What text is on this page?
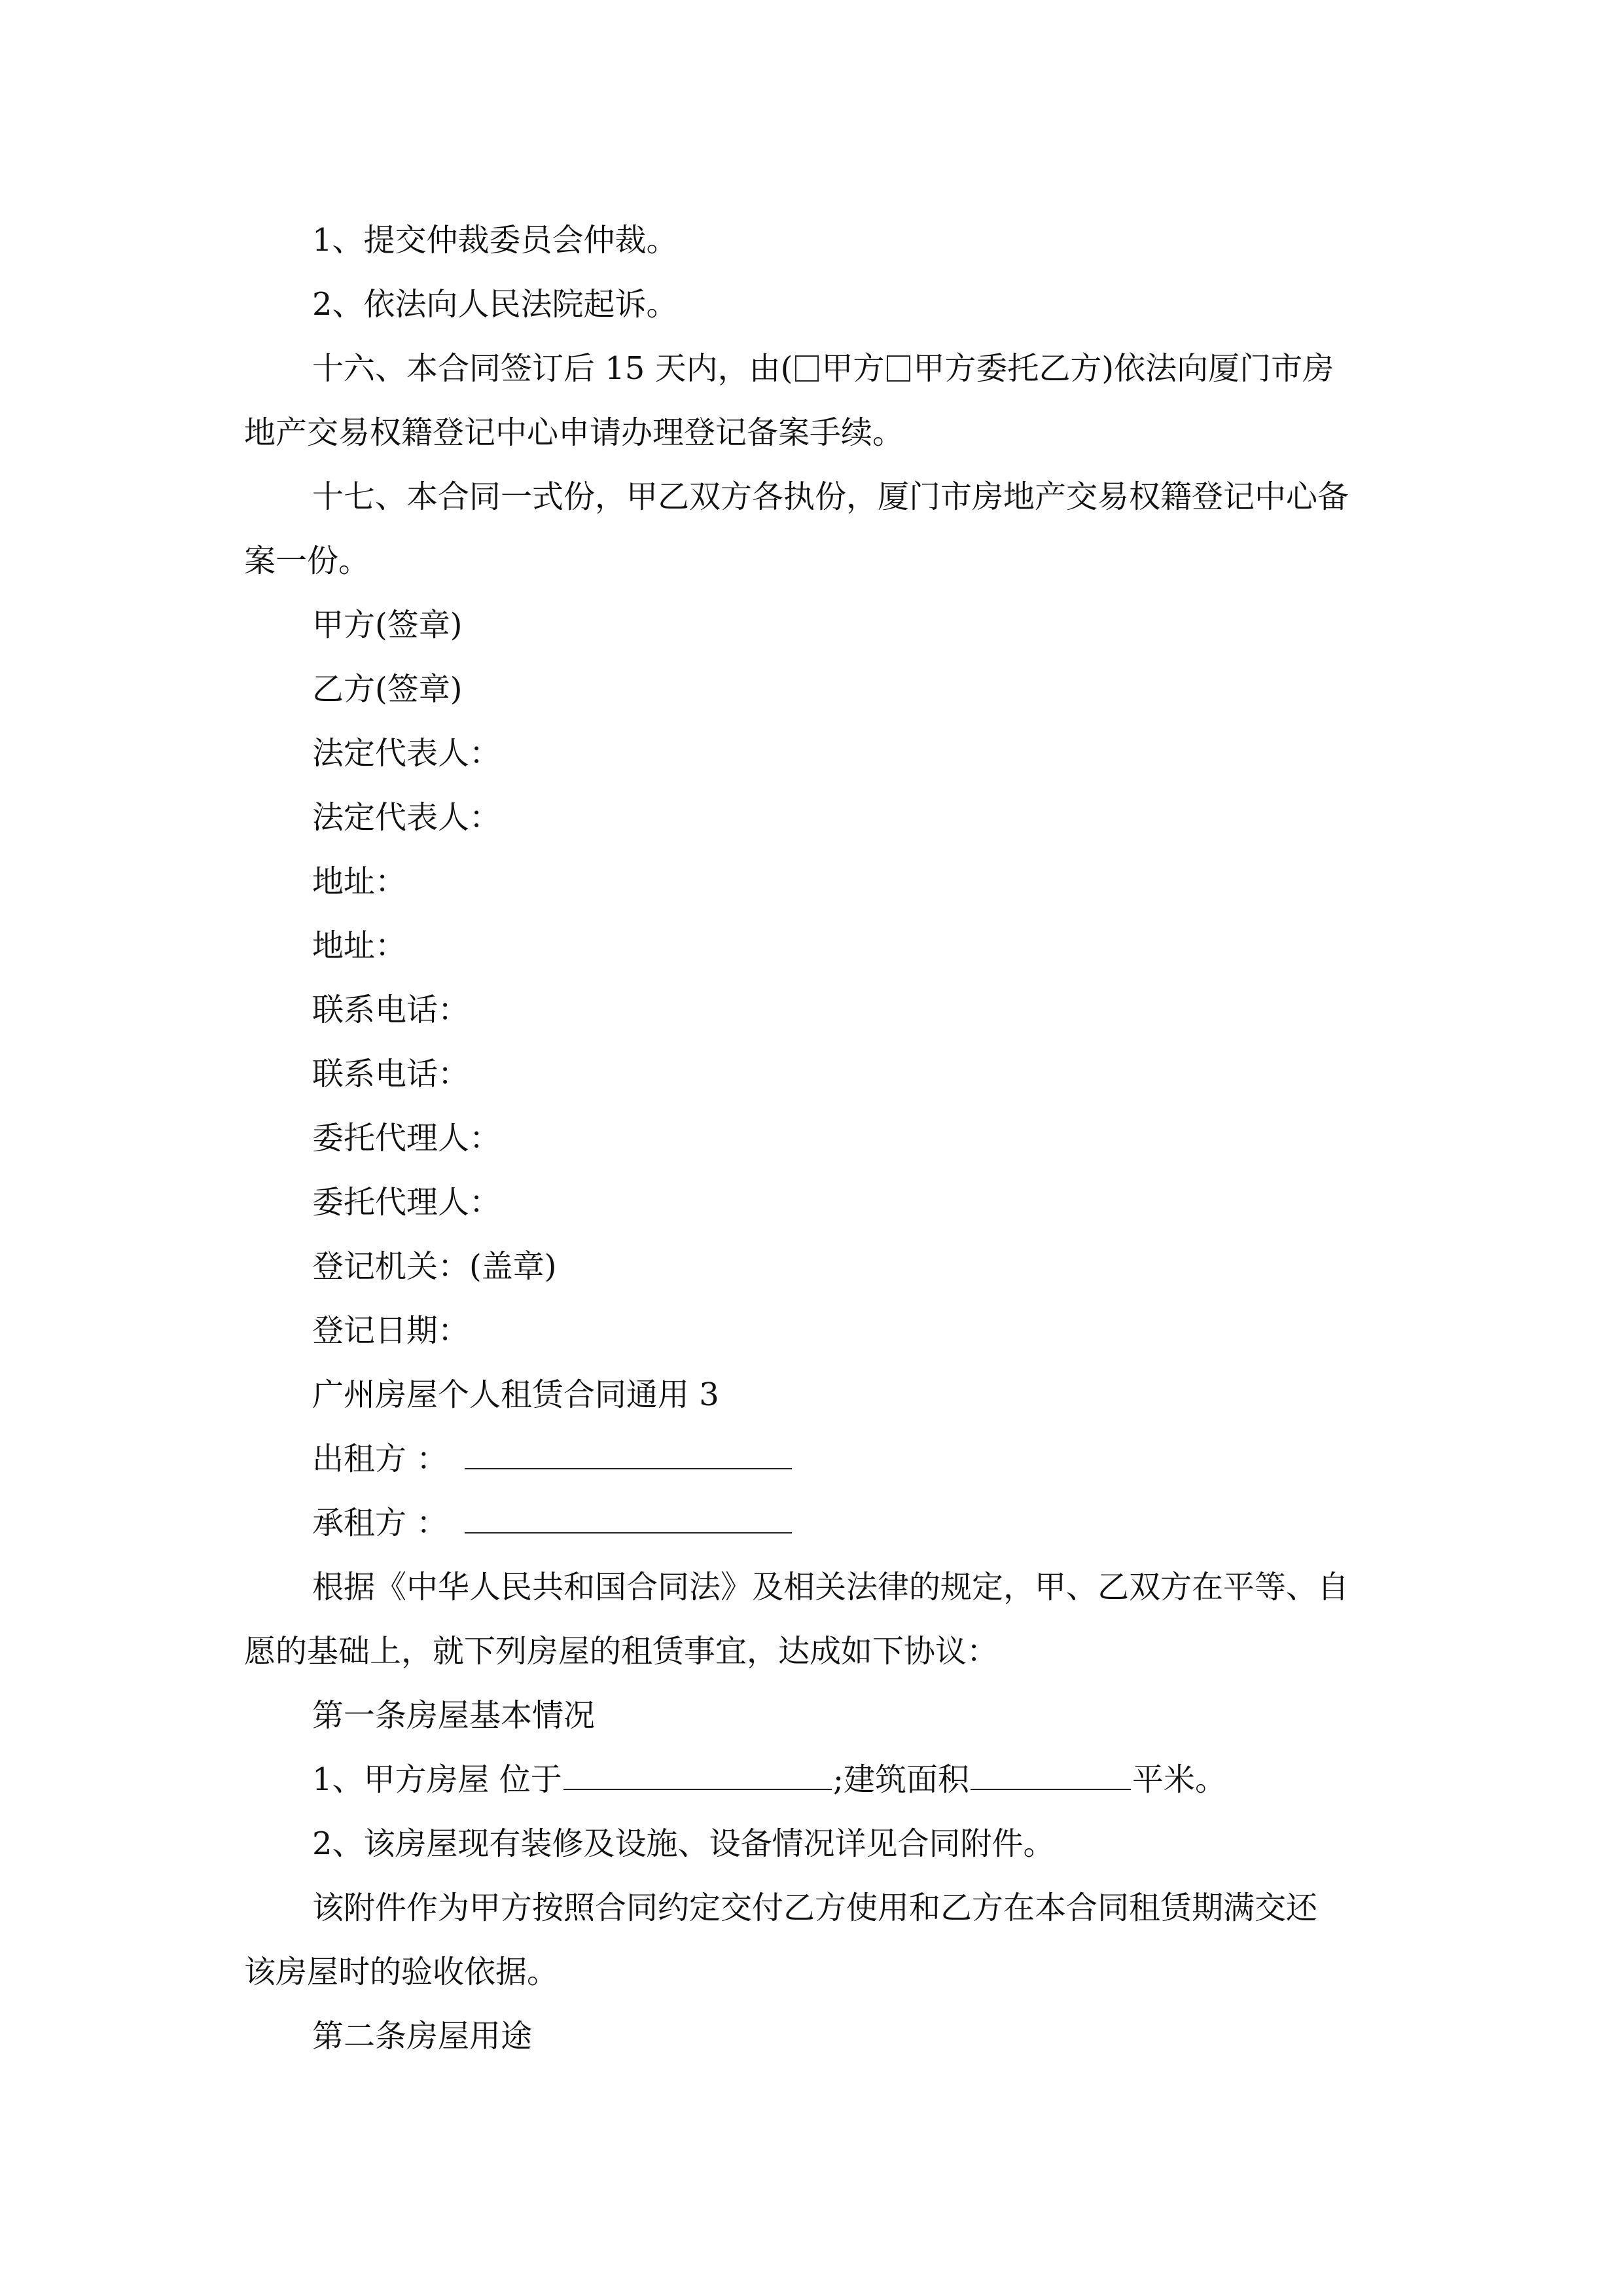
1、提交仲裁委员会仲裁。
2、依法向人民法院起诉。
十六、本合同签订后 15 天内，由( 甲方 甲方委托乙方)依法向厦门市房
地产交易权籍登记中心申请办理登记备案手续。
十七、本合同一式份，甲乙双方各执份，厦门市房地产交易权籍登记中心备
案一份。
甲方(签章)
乙方(签章)
法定代表人：
法定代表人：
地址：
地址：
联系电话：
联系电话：
委托代理人：
委托代理人：
登记机关：(盖章)
登记日期：
广州房屋个人租赁合同通用 3
出租方 ：
承租方 ：
根据《中华人民共和国合同法》及相关法律的规定，甲、乙双方在平等、自
愿的基础上，就下列房屋的租赁事宜，达成如下协议：
第一条房屋基本情况
1、甲方房屋 位于	;建筑面积	平米。
2、该房屋现有装修及设施、设备情况详见合同附件。
该附件作为甲方按照合同约定交付乙方使用和乙方在本合同租赁期满交还
该房屋时的验收依据。
第二条房屋用途
